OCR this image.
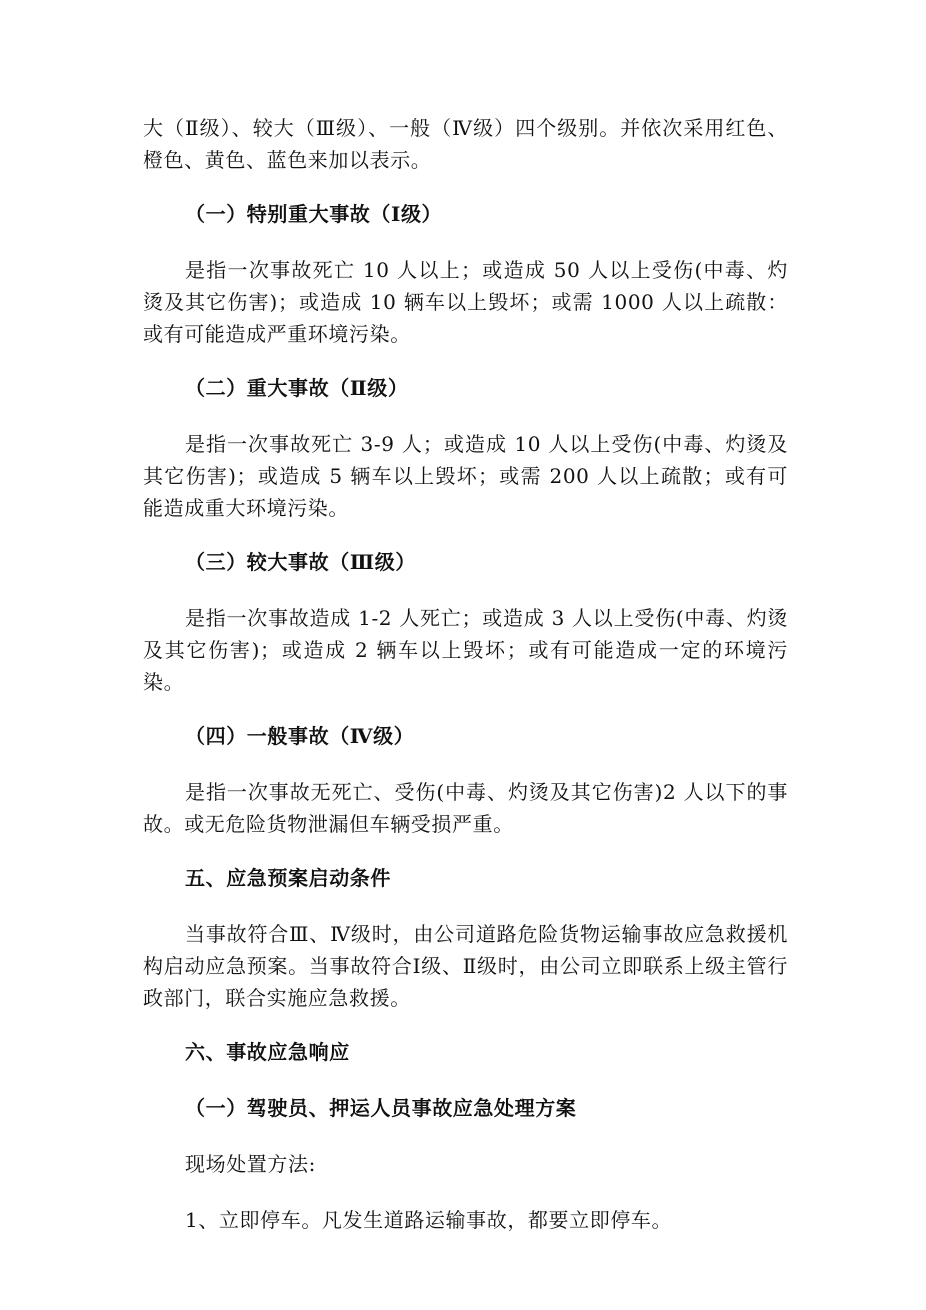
大（Ⅱ级）、较大（Ⅲ级）、一般（Ⅳ级）四个级别。并依次采用红色、橙色、黄色、蓝色来加以表示。

（一）特别重大事故（Ⅰ级）

是指一次事故死亡 10 人以上；或造成 50 人以上受伤(中毒、灼烫及其它伤害)；或造成 10 辆车以上毁坏；或需 1000 人以上疏散：或有可能造成严重环境污染。

（二）重大事故（Ⅱ级）

是指一次事故死亡 3-9 人；或造成 10 人以上受伤(中毒、灼烫及其它伤害)；或造成 5 辆车以上毁坏；或需 200 人以上疏散；或有可能造成重大环境污染。

（三）较大事故（Ⅲ级）

是指一次事故造成 1-2 人死亡；或造成 3 人以上受伤(中毒、灼烫及其它伤害)；或造成 2 辆车以上毁坏；或有可能造成一定的环境污染。

（四）一般事故（Ⅳ级）

是指一次事故无死亡、受伤(中毒、灼烫及其它伤害)2 人以下的事故。或无危险货物泄漏但车辆受损严重。

五、应急预案启动条件

当事故符合Ⅲ、Ⅳ级时，由公司道路危险货物运输事故应急救援机构启动应急预案。当事故符合Ⅰ级、Ⅱ级时，由公司立即联系上级主管行政部门，联合实施应急救援。

六、事故应急响应

（一）驾驶员、押运人员事故应急处理方案

现场处置方法:

1、立即停车。凡发生道路运输事故，都要立即停车。
